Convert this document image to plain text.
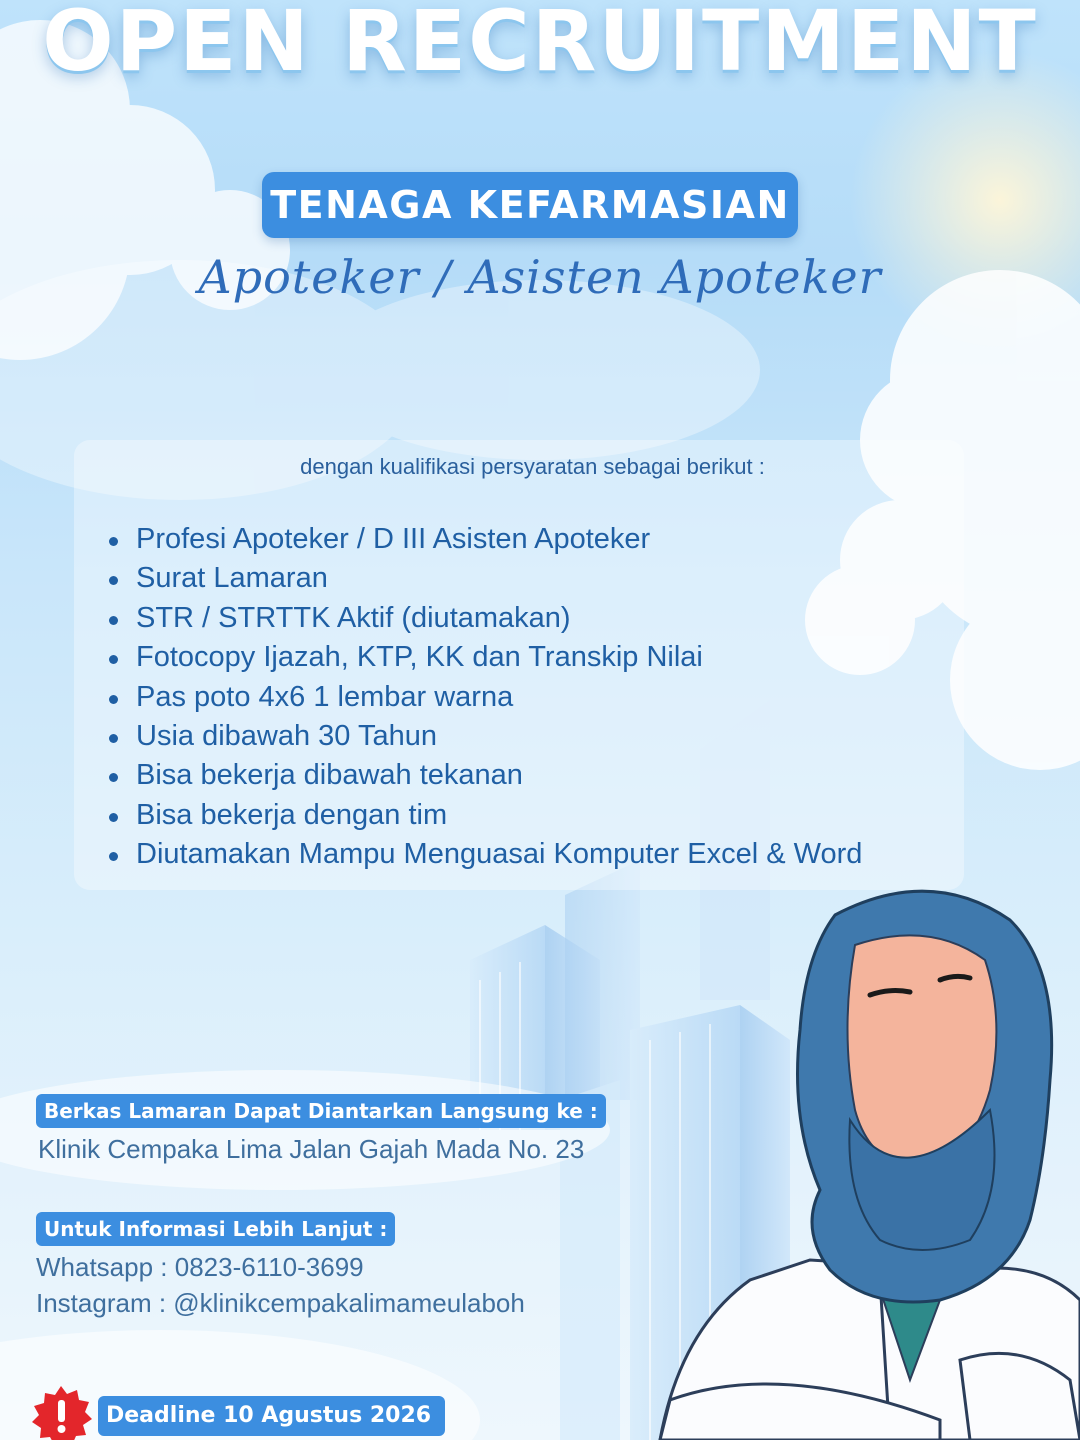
OPEN RECRUITMENT
TENAGA KEFARMASIAN
Apoteker / Asisten Apoteker
dengan kualifikasi persyaratan sebagai berikut :
Profesi Apoteker / D III Asisten Apoteker
Surat Lamaran
STR / STRTTK Aktif (diutamakan)
Fotocopy Ijazah, KTP, KK dan Transkip Nilai
Pas poto 4x6 1 lembar warna
Usia dibawah 30 Tahun
Bisa bekerja dibawah tekanan
Bisa bekerja dengan tim
Diutamakan Mampu Menguasai Komputer Excel & Word
Berkas Lamaran Dapat Diantarkan Langsung ke :
Klinik Cempaka Lima Jalan Gajah Mada No. 23
Untuk Informasi Lebih Lanjut :
Whatsapp : 0823-6110-3699
Instagram : @klinikcempakalimameulaboh
Deadline 10 Agustus 2026
